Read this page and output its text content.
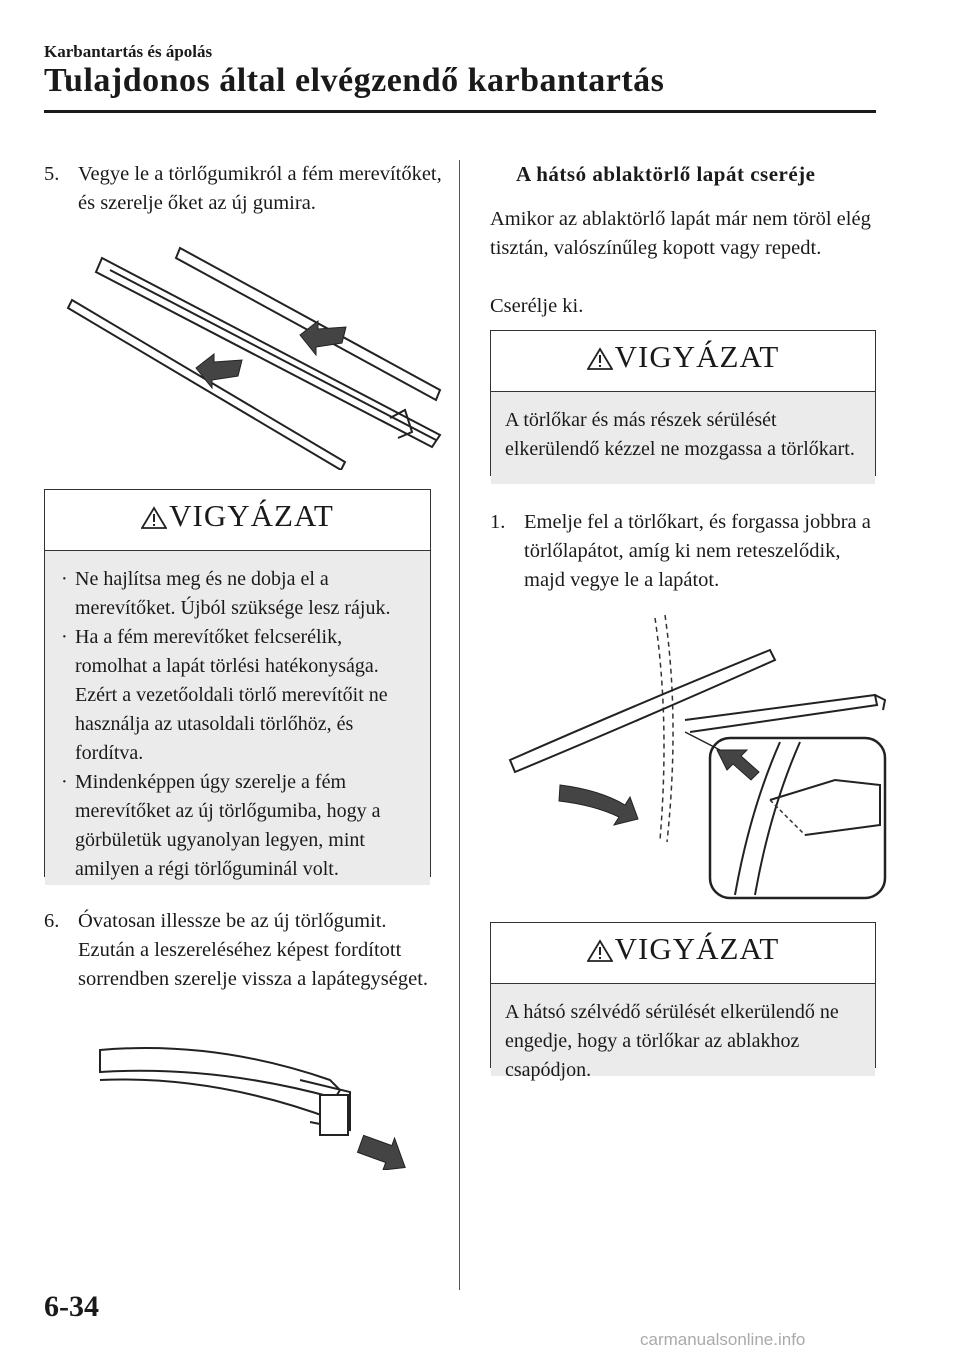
Karbantartás és ápolás
Tulajdonos által elvégzendő karbantartás
5. Vegye le a törlőgumikról a fém merevítőket, és szerelje őket az új gumira.
VIGYÁZAT
· Ne hajlítsa meg és ne dobja el a merevítőket. Újból szüksége lesz rájuk.
· Ha a fém merevítőket felcserélik, romolhat a lapát törlési hatékonysága. Ezért a vezetőoldali törlő merevítőit ne használja az utasoldali törlőhöz, és fordítva.
· Mindenképpen úgy szerelje a fém merevítőket az új törlőgumiba, hogy a görbületük ugyanolyan legyen, mint amilyen a régi törlőguminál volt.
6. Óvatosan illessze be az új törlőgumit. Ezután a leszereléséhez képest fordított sorrendben szerelje vissza a lapátegységet.
A hátsó ablaktörlő lapát cseréje
Amikor az ablaktörlő lapát már nem töröl elég tisztán, valószínűleg kopott vagy repedt.
Cserélje ki.
VIGYÁZAT
A törlőkar és más részek sérülését elkerülendő kézzel ne mozgassa a törlőkart.
1. Emelje fel a törlőkart, és forgassa jobbra a törlőlapátot, amíg ki nem reteszelődik, majd vegye le a lapátot.
VIGYÁZAT
A hátsó szélvédő sérülését elkerülendő ne engedje, hogy a törlőkar az ablakhoz csapódjon.
6-34
carmanualsonline.info
